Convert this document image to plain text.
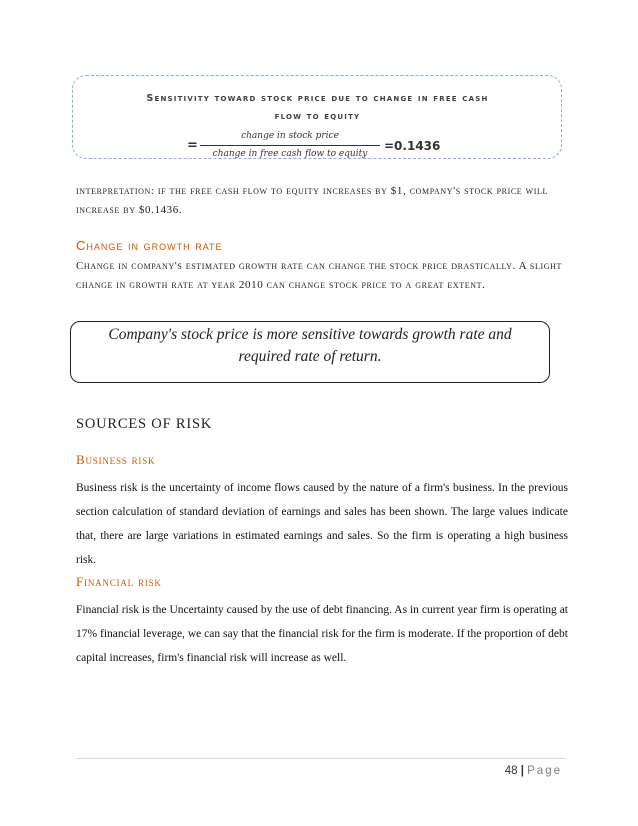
Sensitivity toward stock price due to change in free cash
flow to equity
=
change in stock price
change in free cash flow to equity
=0.1436
interpretation: if the free cash flow to equity increases by $1, company's stock price will increase by $0.1436.
Change in growth rate
Change in company's estimated growth rate can change the stock price drastically. A slight change in growth rate at year 2010 can change stock price to a great extent.
Company's stock price is more sensitive towards growth rate and required rate of return.
SOURCES OF RISK
Business risk
Business risk is the uncertainty of income flows caused by the nature of a firm's business. In the previous section calculation of standard deviation of earnings and sales has been shown. The large values indicate that, there are large variations in estimated earnings and sales. So the firm is operating a high business risk.
Financial risk
Financial risk is the Uncertainty caused by the use of debt financing. As in current year firm is operating at 17% financial leverage, we can say that the financial risk for the firm is moderate. If the proportion of debt capital increases, firm's financial risk will increase as well.
48 | Page
